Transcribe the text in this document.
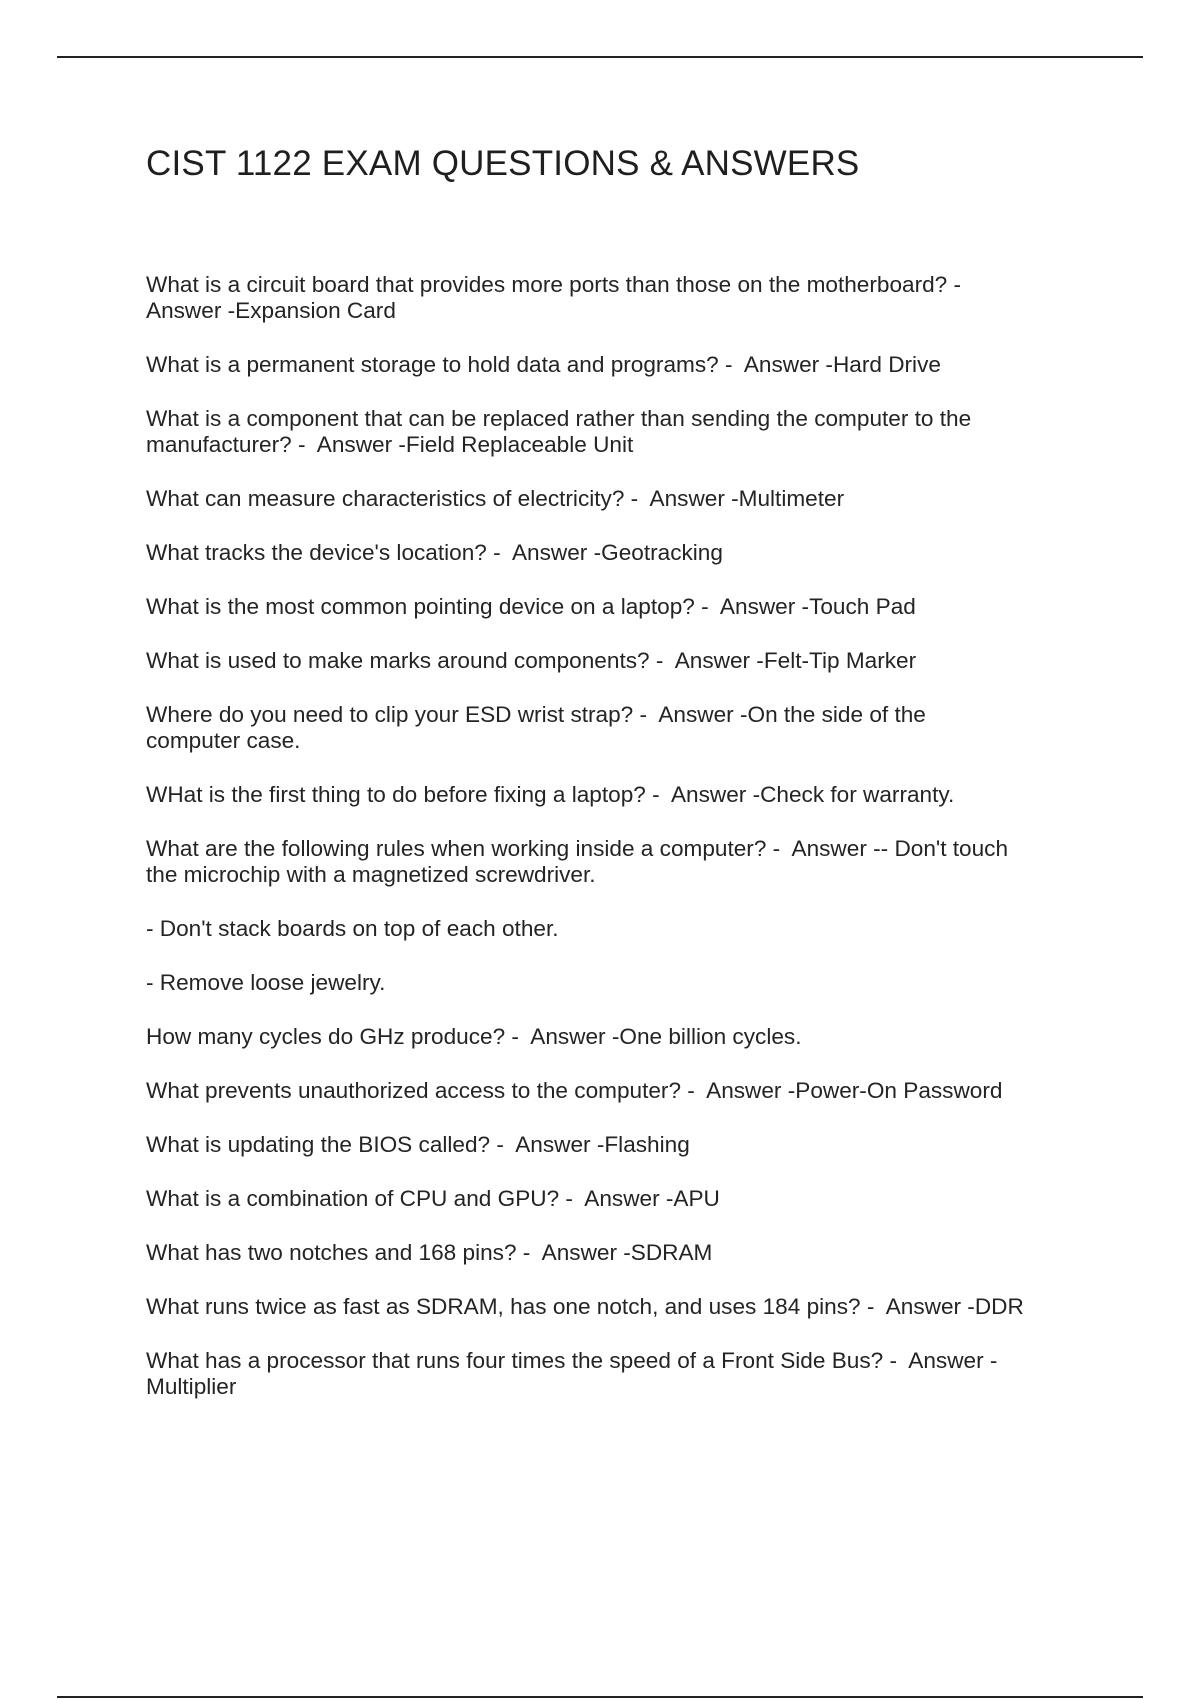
CIST 1122 EXAM QUESTIONS & ANSWERS
What is a circuit board that provides more ports than those on the motherboard? -
Answer -Expansion Card
What is a permanent storage to hold data and programs? -  Answer -Hard Drive
What is a component that can be replaced rather than sending the computer to the
manufacturer? -  Answer -Field Replaceable Unit
What can measure characteristics of electricity? -  Answer -Multimeter
What tracks the device's location? -  Answer -Geotracking
What is the most common pointing device on a laptop? -  Answer -Touch Pad
What is used to make marks around components? -  Answer -Felt-Tip Marker
Where do you need to clip your ESD wrist strap? -  Answer -On the side of the
computer case.
WHat is the first thing to do before fixing a laptop? -  Answer -Check for warranty.
What are the following rules when working inside a computer? -  Answer -- Don't touch
the microchip with a magnetized screwdriver.
- Don't stack boards on top of each other.
- Remove loose jewelry.
How many cycles do GHz produce? -  Answer -One billion cycles.
What prevents unauthorized access to the computer? -  Answer -Power-On Password
What is updating the BIOS called? -  Answer -Flashing
What is a combination of CPU and GPU? -  Answer -APU
What has two notches and 168 pins? -  Answer -SDRAM
What runs twice as fast as SDRAM, has one notch, and uses 184 pins? -  Answer -DDR
What has a processor that runs four times the speed of a Front Side Bus? -  Answer -
Multiplier
